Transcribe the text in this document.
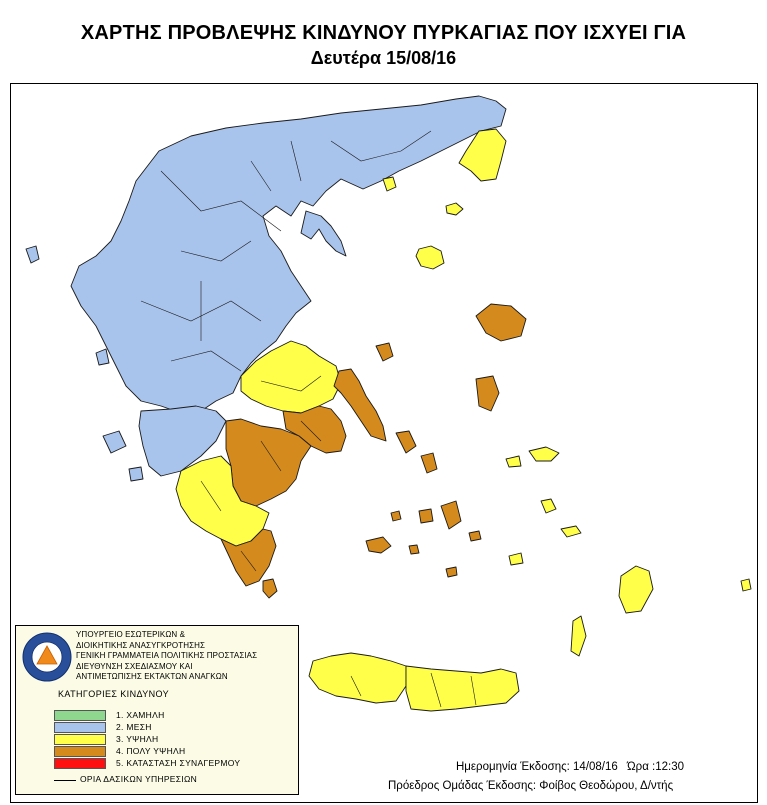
ΧΑΡΤΗΣ ΠΡΟΒΛΕΨΗΣ ΚΙΝΔΥΝΟΥ ΠΥΡΚΑΓΙΑΣ ΠΟΥ ΙΣΧΥΕΙ ΓΙΑ
Δευτέρα 15/08/16
ΥΠΟΥΡΓΕΙΟ ΕΣΩΤΕΡΙΚΩΝ &
ΔΙΟΙΚΗΤΙΚΗΣ ΑΝΑΣΥΓΚΡΟΤΗΣΗΣ
ΓΕΝΙΚΗ ΓΡΑΜΜΑΤΕΙΑ ΠΟΛΙΤΙΚΗΣ ΠΡΟΣΤΑΣΙΑΣ
ΔΙΕΥΘΥΝΣΗ ΣΧΕΔΙΑΣΜΟΥ ΚΑΙ
ΑΝΤΙΜΕΤΩΠΙΣΗΣ ΕΚΤΑΚΤΩΝ ΑΝΑΓΚΩΝ
ΚΑΤΗΓΟΡΙΕΣ ΚΙΝΔΥΝΟΥ
1. ΧΑΜΗΛΗ
2. ΜΕΣΗ
3. ΥΨΗΛΗ
4. ΠΟΛΥ ΥΨΗΛΗ
5. ΚΑΤΑΣΤΑΣΗ ΣΥΝΑΓΕΡΜΟΥ
ΟΡΙΑ ΔΑΣΙΚΩΝ ΥΠΗΡΕΣΙΩΝ
Ημερομηνία Έκδοσης: 14/08/16 Ώρα :12:30
Πρόεδρος Ομάδας Έκδοσης: Φοίβος Θεοδώρου, Δ/ντής
